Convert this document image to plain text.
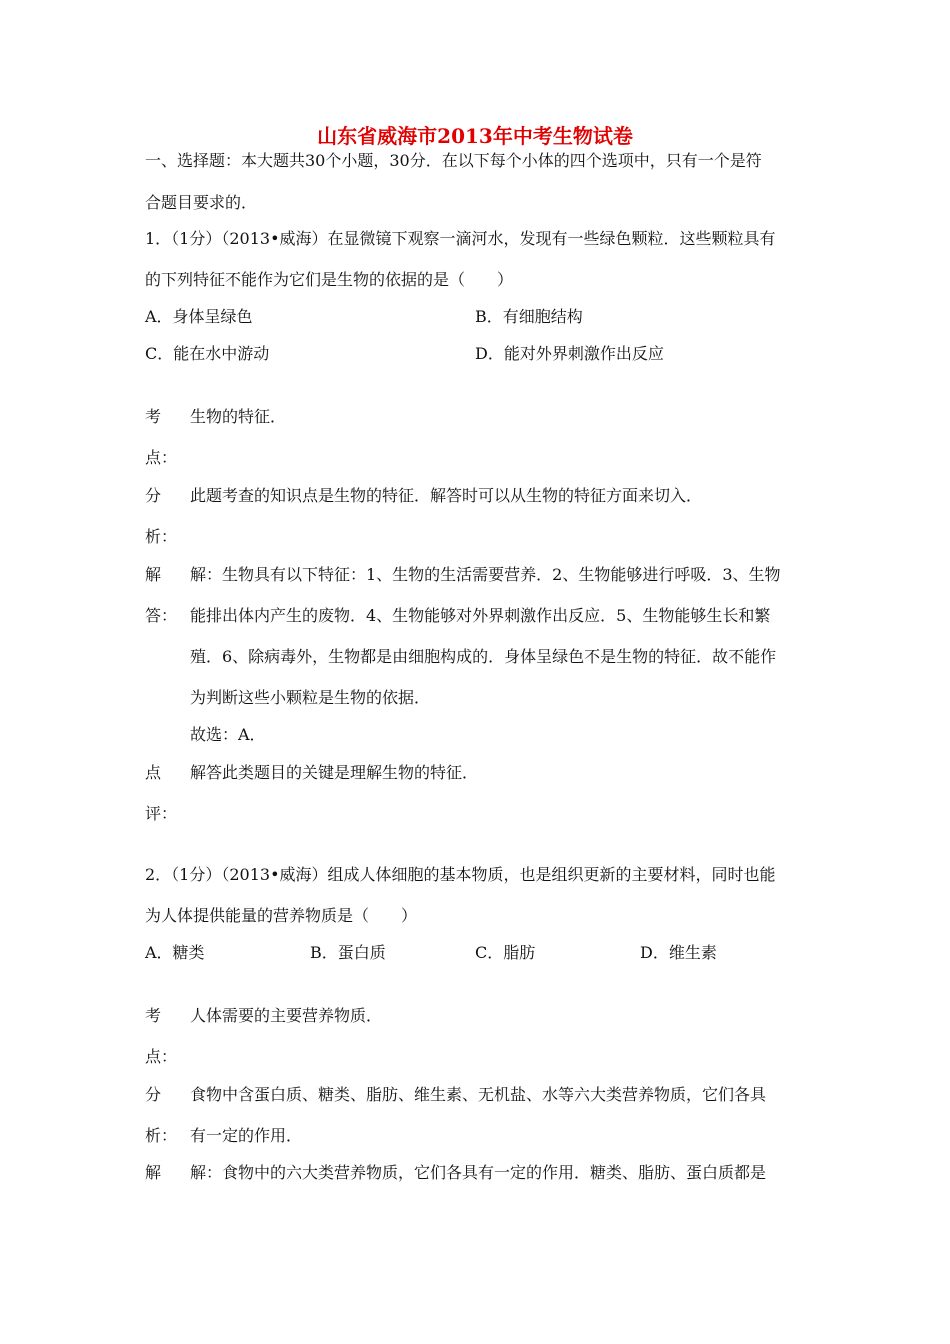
山东省威海市2013年中考生物试卷
一、选择题：本大题共30个小题，30分．在以下每个小体的四个选项中，只有一个是符
合题目要求的．
1．（1分）（2013•威海）在显微镜下观察一滴河水，发现有一些绿色颗粒．这些颗粒具有
的下列特征不能作为它们是生物的依据的是（　　）
A．身体呈绿色	B．有细胞结构
C．能在水中游动	D．能对外界刺激作出反应
考 生物的特征．
点：
分 此题考查的知识点是生物的特征．解答时可以从生物的特征方面来切入．
析：
解 解：生物具有以下特征：1、生物的生活需要营养．2、生物能够进行呼吸．3、生物
答： 能排出体内产生的废物．4、生物能够对外界刺激作出反应．5、生物能够生长和繁
殖．6、除病毒外，生物都是由细胞构成的．身体呈绿色不是生物的特征．故不能作
为判断这些小颗粒是生物的依据．
故选：A．
点 解答此类题目的关键是理解生物的特征．
评：
2．（1分）（2013•威海）组成人体细胞的基本物质，也是组织更新的主要材料，同时也能
为人体提供能量的营养物质是（　　）
A．糖类	B．蛋白质	C．脂肪	D．维生素
考 人体需要的主要营养物质．
点：
分 食物中含蛋白质、糖类、脂肪、维生素、无机盐、水等六大类营养物质，它们各具
析： 有一定的作用．
解 解：食物中的六大类营养物质，它们各具有一定的作用．糖类、脂肪、蛋白质都是
